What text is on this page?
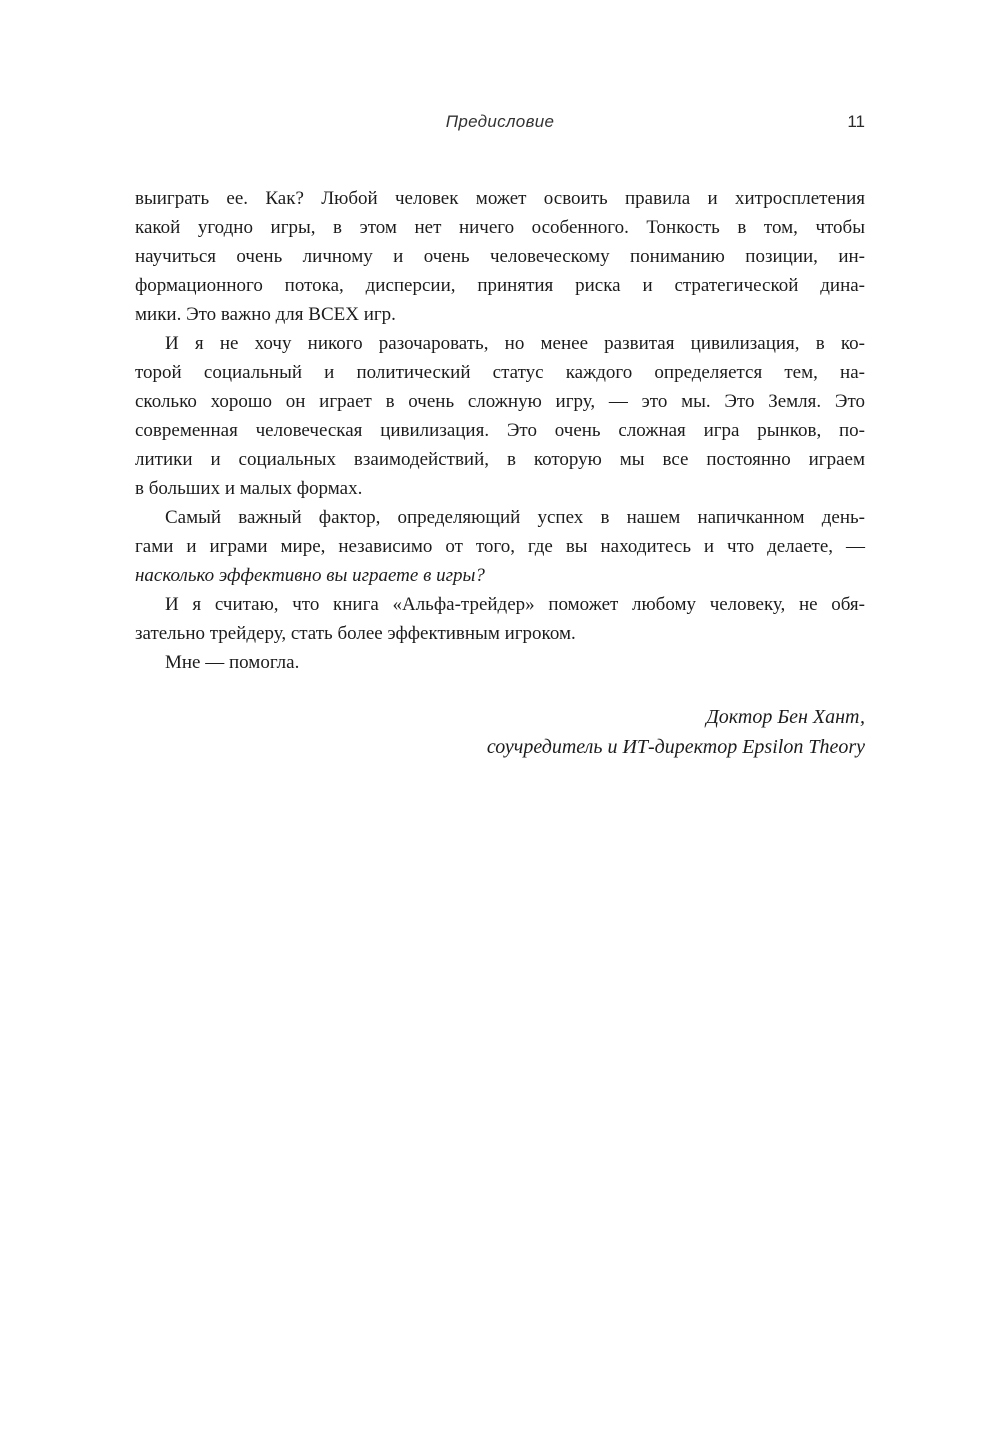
Предисловие	11
выиграть ее. Как? Любой человек может освоить правила и хитросплетения
какой угодно игры, в этом нет ничего особенного. Тонкость в том, чтобы
научиться очень личному и очень человеческому пониманию позиции, ин-
формационного потока, дисперсии, принятия риска и стратегической дина-
мики. Это важно для ВСЕХ игр.
И я не хочу никого разочаровать, но менее развитая цивилизация, в ко-
торой социальный и политический статус каждого определяется тем, на-
сколько хорошо он играет в очень сложную игру, — это мы. Это Земля. Это
современная человеческая цивилизация. Это очень сложная игра рынков, по-
литики и социальных взаимодействий, в которую мы все постоянно играем
в больших и малых формах.
Самый важный фактор, определяющий успех в нашем напичканном день-
гами и играми мире, независимо от того, где вы находитесь и что делаете, —
насколько эффективно вы играете в игры?
И я считаю, что книга «Альфа-трейдер» поможет любому человеку, не обя-
зательно трейдеру, стать более эффективным игроком.
Мне — помогла.
Доктор Бен Хант,
соучредитель и ИТ-директор Epsilon Theory
